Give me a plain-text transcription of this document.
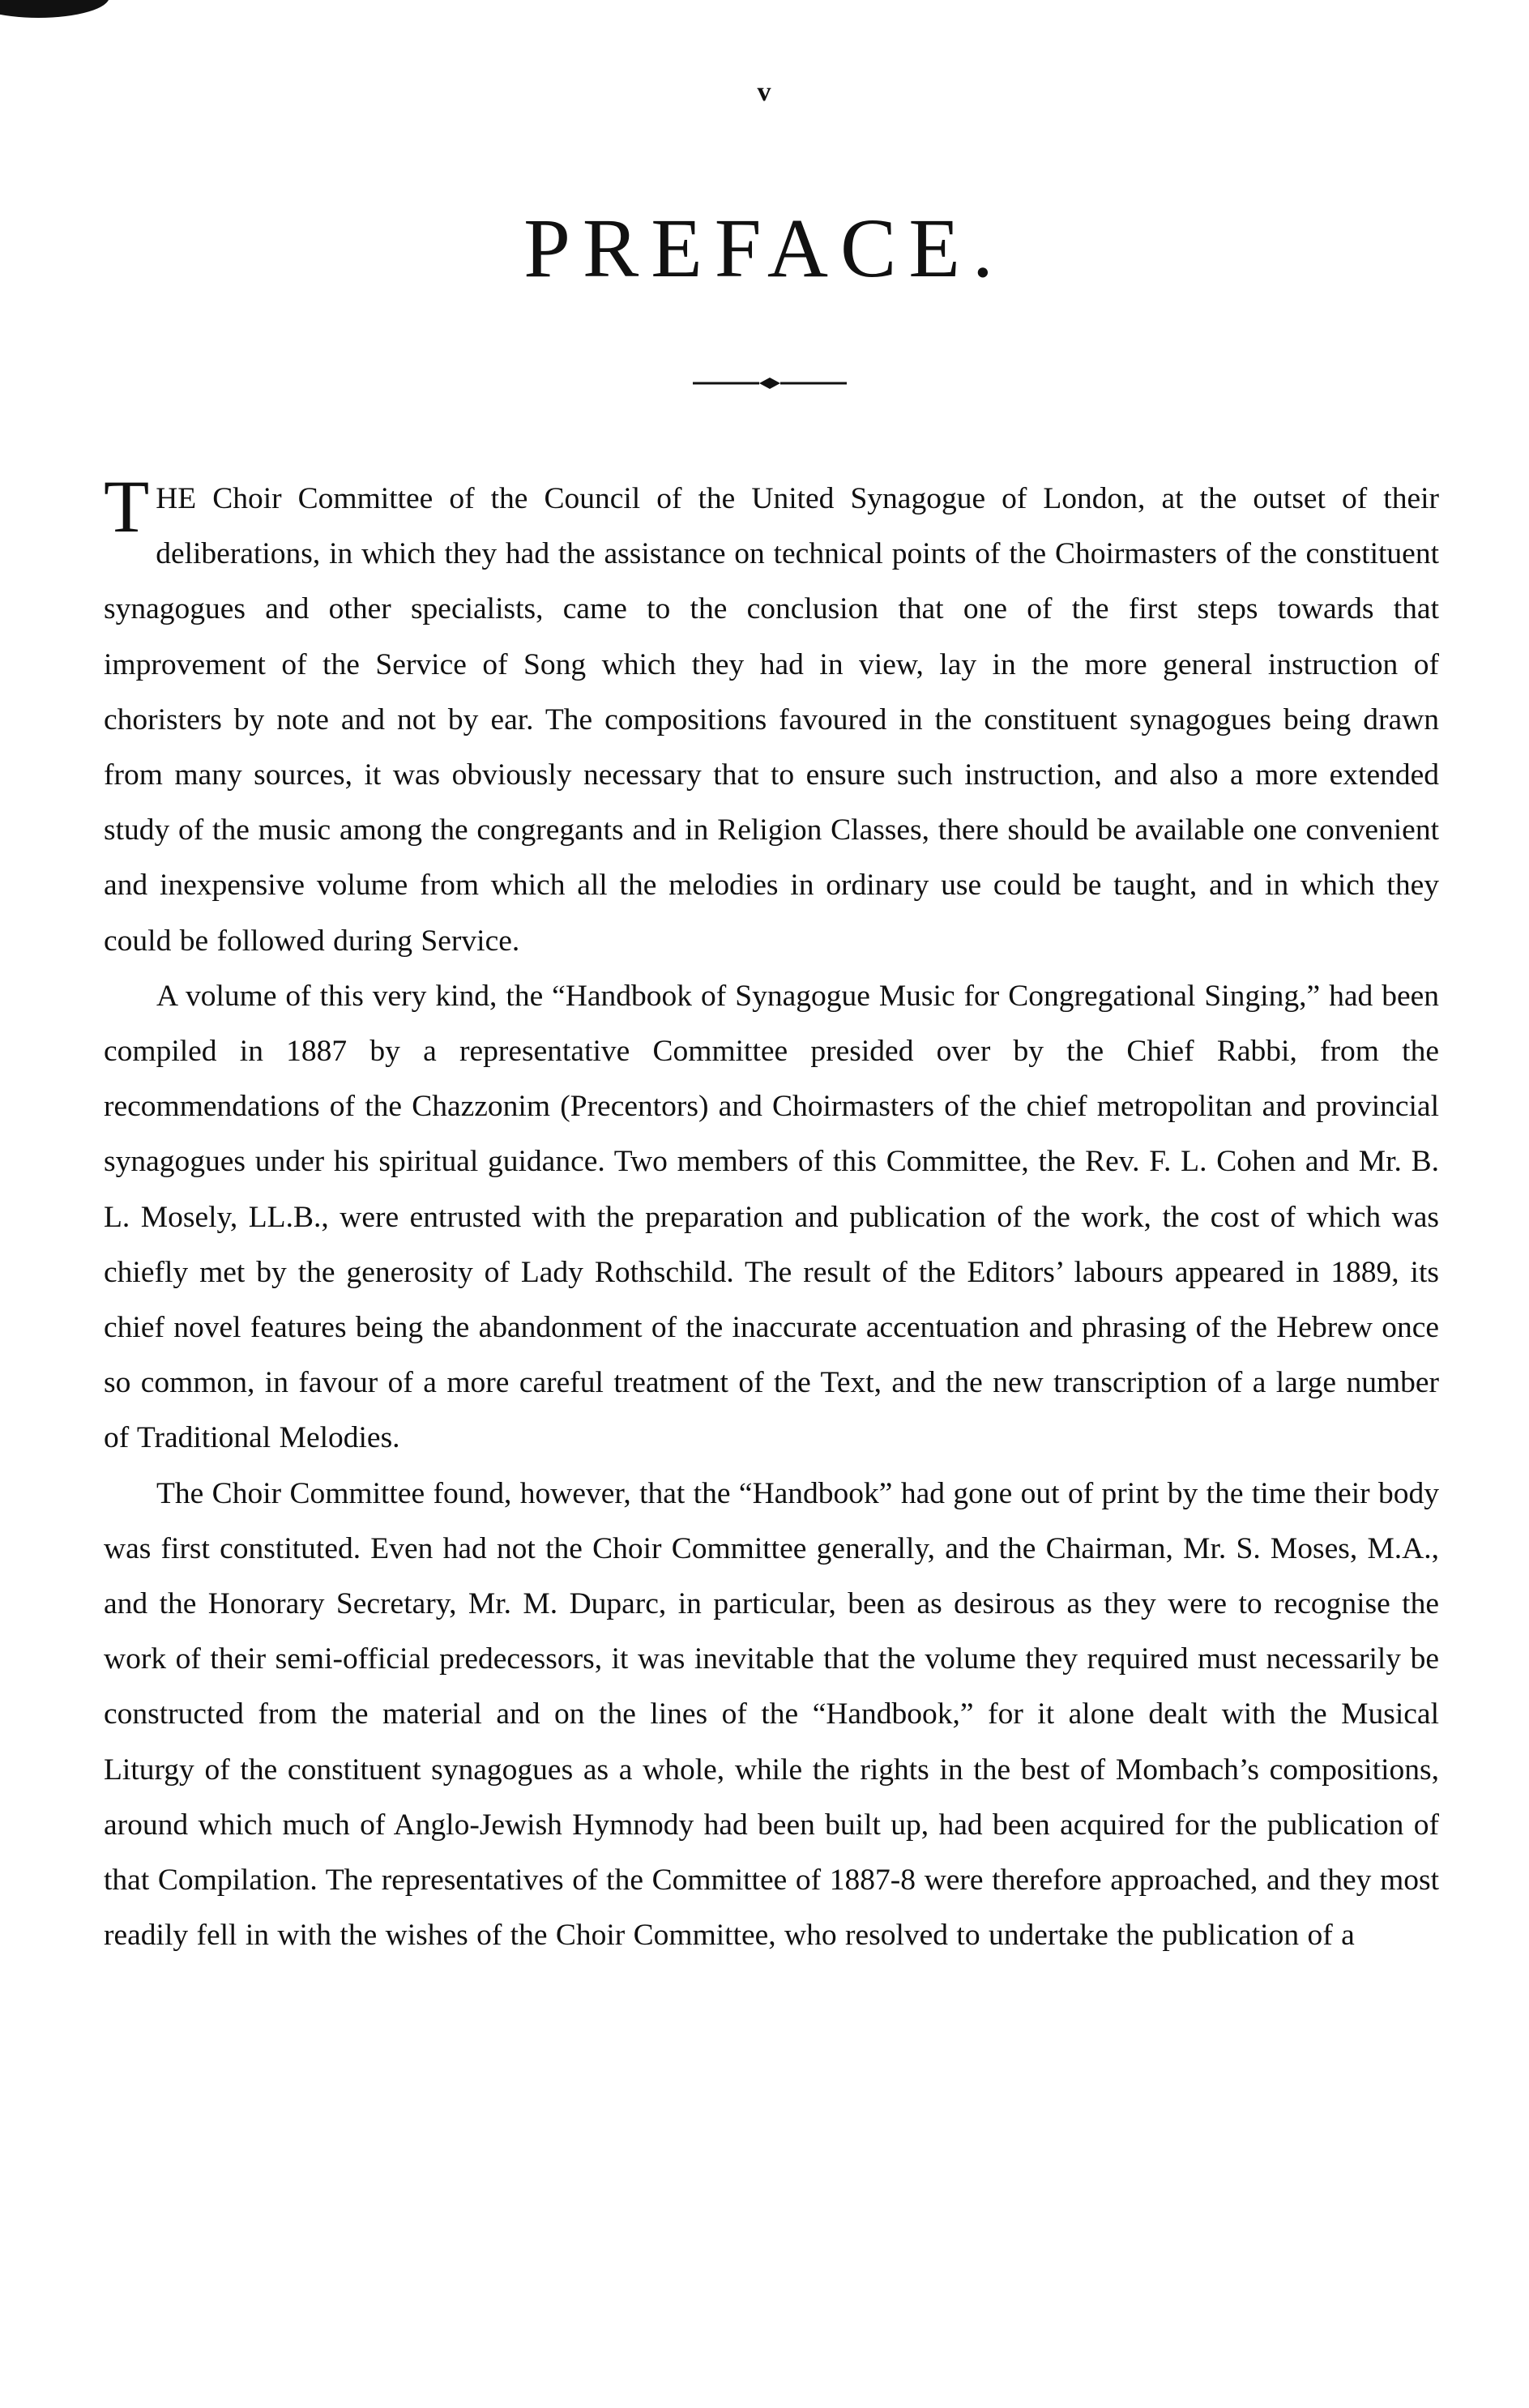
v
PREFACE.

THE Choir Committee of the Council of the United Synagogue of London, at the outset of their deliberations, in which they had the assistance on technical points of the Choirmasters of the constituent synagogues and other specialists, came to the conclusion that one of the first steps towards that improvement of the Service of Song which they had in view, lay in the more general instruction of choristers by note and not by ear. The compositions favoured in the constituent synagogues being drawn from many sources, it was obviously necessary that to ensure such instruction, and also a more extended study of the music among the congregants and in Religion Classes, there should be available one convenient and inexpensive volume from which all the melodies in ordinary use could be taught, and in which they could be followed during Service.

A volume of this very kind, the “Handbook of Synagogue Music for Congregational Singing,” had been compiled in 1887 by a representative Committee presided over by the Chief Rabbi, from the recommendations of the Chazzonim (Precentors) and Choirmasters of the chief metropolitan and provincial synagogues under his spiritual guidance. Two members of this Committee, the Rev. F. L. Cohen and Mr. B. L. Mosely, LL.B., were entrusted with the preparation and publication of the work, the cost of which was chiefly met by the generosity of Lady Rothschild. The result of the Editors’ labours appeared in 1889, its chief novel features being the abandonment of the inaccurate accentuation and phrasing of the Hebrew once so common, in favour of a more careful treatment of the Text, and the new transcription of a large number of Traditional Melodies.

The Choir Committee found, however, that the “Handbook” had gone out of print by the time their body was first constituted. Even had not the Choir Committee generally, and the Chairman, Mr. S. Moses, M.A., and the Honorary Secretary, Mr. M. Duparc, in particular, been as desirous as they were to recognise the work of their semi-official predecessors, it was inevitable that the volume they required must necessarily be constructed from the material and on the lines of the “Handbook,” for it alone dealt with the Musical Liturgy of the constituent synagogues as a whole, while the rights in the best of Mombach’s compositions, around which much of Anglo-Jewish Hymnody had been built up, had been acquired for the publication of that Compilation. The representatives of the Committee of 1887-8 were therefore approached, and they most readily fell in with the wishes of the Choir Committee, who resolved to undertake the publication of a
